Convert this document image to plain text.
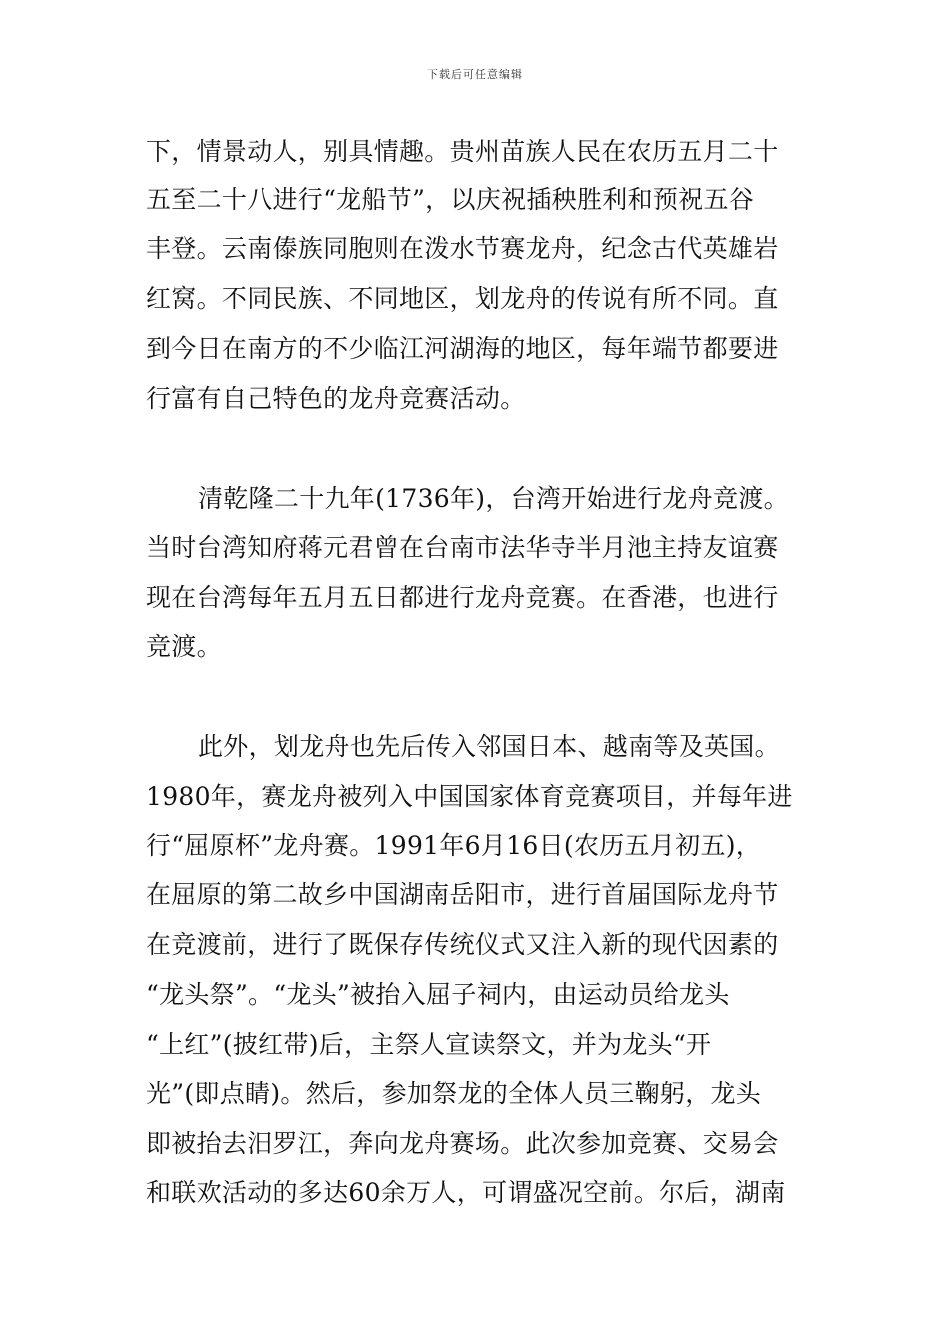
下载后可任意编辑
下，情景动人，别具情趣。贵州苗族人民在农历五月二十
五至二十八进行“龙船节”，以庆祝插秧胜利和预祝五谷
丰登。云南傣族同胞则在泼水节赛龙舟，纪念古代英雄岩
红窝。不同民族、不同地区，划龙舟的传说有所不同。直
到今日在南方的不少临江河湖海的地区，每年端节都要进
行富有自己特色的龙舟竞赛活动。
清乾隆二十九年(1736年)，台湾开始进行龙舟竞渡。
当时台湾知府蒋元君曾在台南市法华寺半月池主持友谊赛
现在台湾每年五月五日都进行龙舟竞赛。在香港，也进行
竞渡。
此外，划龙舟也先后传入邻国日本、越南等及英国。
1980年，赛龙舟被列入中国国家体育竞赛项目，并每年进
行“屈原杯”龙舟赛。1991年6月16日(农历五月初五)，
在屈原的第二故乡中国湖南岳阳市，进行首届国际龙舟节
在竞渡前，进行了既保存传统仪式又注入新的现代因素的
“龙头祭”。“龙头”被抬入屈子祠内，由运动员给龙头
“上红”(披红带)后，主祭人宣读祭文，并为龙头“开
光”(即点睛)。然后，参加祭龙的全体人员三鞠躬，龙头
即被抬去汨罗江，奔向龙舟赛场。此次参加竞赛、交易会
和联欢活动的多达60余万人，可谓盛况空前。尔后，湖南
